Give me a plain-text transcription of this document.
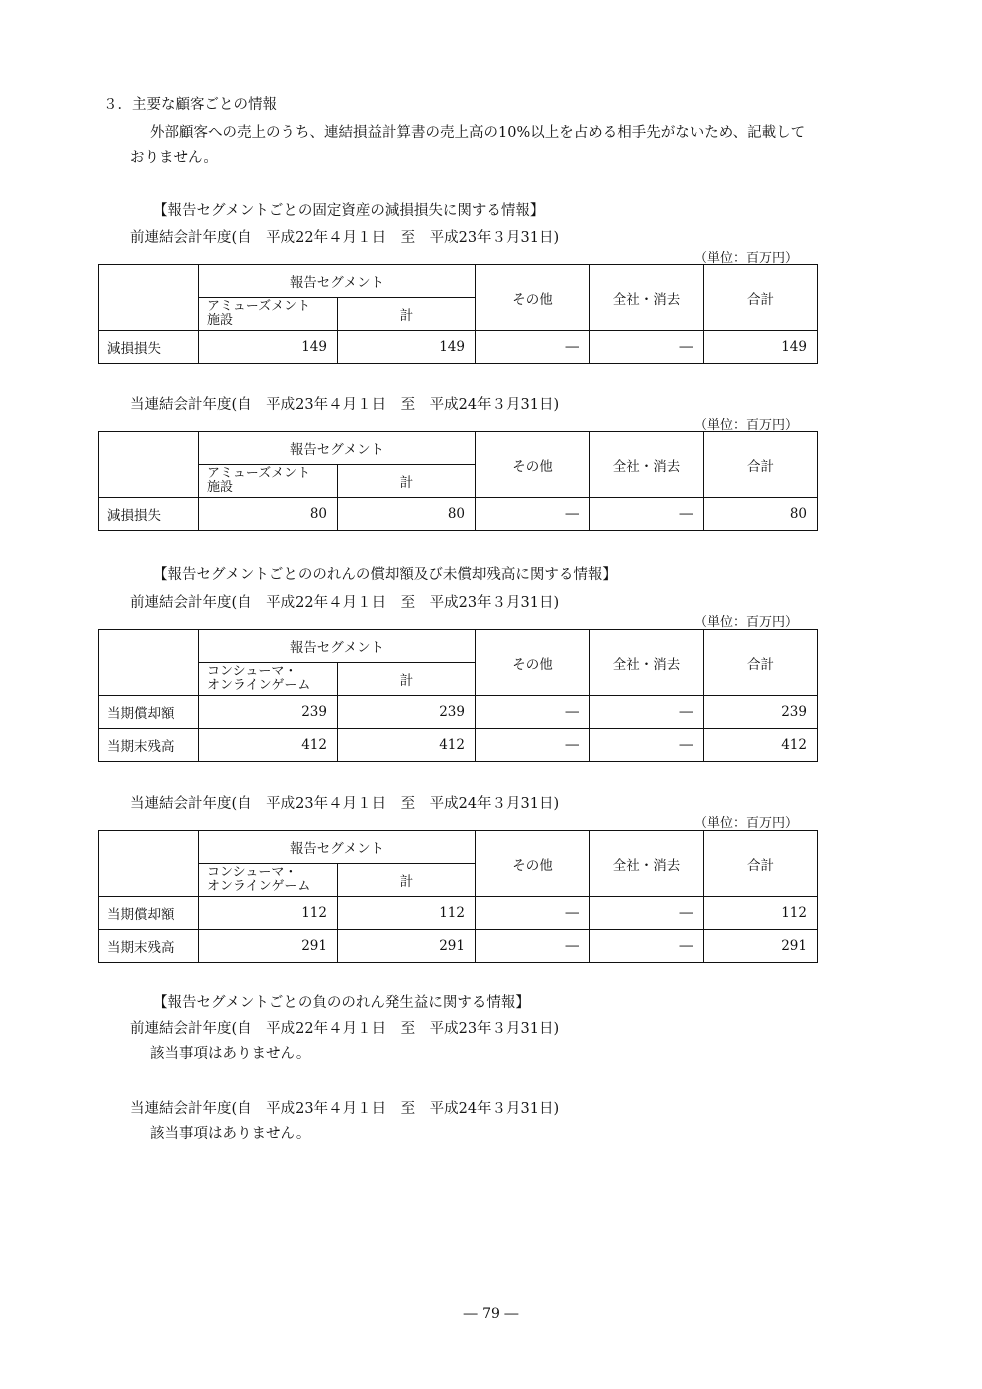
３．主要な顧客ごとの情報
外部顧客への売上のうち、連結損益計算書の売上高の10%以上を占める相手先がないため、記載して
おりません。
【報告セグメントごとの固定資産の減損損失に関する情報】
前連結会計年度(自　平成22年４月１日　至　平成23年３月31日)
（単位：百万円）
	報告セグメント		その他	全社・消去	合計
	アミューズメント
施設	計			
減損損失	149	149	―	―	149
当連結会計年度(自　平成23年４月１日　至　平成24年３月31日)
（単位：百万円）
	報告セグメント		その他	全社・消去	合計
	アミューズメント
施設	計			
減損損失	80	80	―	―	80
【報告セグメントごとののれんの償却額及び未償却残高に関する情報】
前連結会計年度(自　平成22年４月１日　至　平成23年３月31日)
（単位：百万円）
	報告セグメント		その他	全社・消去	合計
	コンシューマ・
オンラインゲーム	計			
当期償却額	239	239	―	―	239
当期末残高	412	412	―	―	412
当連結会計年度(自　平成23年４月１日　至　平成24年３月31日)
（単位：百万円）
	報告セグメント		その他	全社・消去	合計
	コンシューマ・
オンラインゲーム	計			
当期償却額	112	112	―	―	112
当期末残高	291	291	―	―	291
【報告セグメントごとの負ののれん発生益に関する情報】
前連結会計年度(自　平成22年４月１日　至　平成23年３月31日)
該当事項はありません。
当連結会計年度(自　平成23年４月１日　至　平成24年３月31日)
該当事項はありません。
― 79 ―
